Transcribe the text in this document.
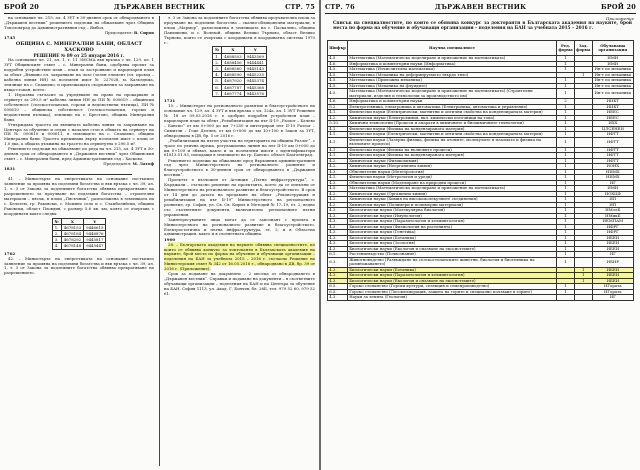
БРОЙ 20	ДЪРЖАВЕН ВЕСТНИК	СТР. 75

на основание чл. 215, ал. 4 ЗУТ в 30-дневен срок от обнародването в „Държавен вестник“ решението подлежи на обжалване чрез Община Тополовград до Административния съд – Ямбол.

Председател: В. Сиров

1745

ОБЩИНА С. МИНЕРАЛНИ БАНИ, ОБЛАСТ ХАСКОВО

РЕШЕНИЕ № 89 от 25 януари 2016 г.

На основание чл. 21, ал. 1, т. 11 ЗМСМА във връзка с чл. 129, ал. 1 ЗУТ Общинският съвет – с. Минерални бани, одобрява проект за подробен устройствен план – план за застрояване и парцеларен план за обект „Външно ел. захранване на лозе (зелен елемент (ел. провод – кабелна линия НН) за поземлен имот № 227028, м. Казълдъма, землище на с. Спахиево, и прилежащата съоръжения за захранване на къща-стопан, което:

1. Изразява съгласие за учредяване на право на прокарване и сервитут за 290,5 м² кабелна линия НН до ПИ № 000619 – общински собственост (селскостопански, горски и ведомствени пътища), ПИ № 000610 – общинска собственост (селскостопански, горски и ведомствени пътища), землище на с. Брестово, община Минерални бани.

Утвърждава трасето на външната кабелна линия за захранване на Центъра за обучение и отдих с начален стоп в обхвата на сервитут на ПИ № 000610 и 000611, в землището на с. Спахиево, община Минерални бани. Трасето преминава върху поземлен имот с площ от 1,0 дка, а общата дължина на трасето на сервитутна е 290,5 м².

Решението подлежи на обжалване по реда на чл. 215, ал. 4 ЗУТ в 30-дневен срок от обнародването в „Държавен вестник“ чрез Общинския съвет – с. Минерални бани, пред Административния съд – Хасково.

Председател: М. Латоф

1831

41. – Министърът на енергетиката на основание постъпило заявление за промяна на подземни богатства и във връзка с чл. 39, ал. 1, т. 3 от Закона за подземните богатства обявява прекратяване на разрешението за проучване на подземни богатства – строителни материали – пясък, в площ „Пясъчник“, разположена в землищата на с. Белозем, гр. Раковски, с. Момино село и с. Стамболийски, община Раковски, област Пловдив, с размер 5,6 кв. км, която се очертава с координати както следва:

№	X	Y
1.	4678153	9446615
2.	4678184	9446876
3.	4678292	9445817
4.	4678148	9445447

1762

42. – Министърът на енергетиката на основание постъпило заявление за промяна на подземни богатства и във връзка с чл. 39, ал. 1, т. 3 от Закона за подземните богатства обявява прекратяване на разрешението.

т. 3 от Закона за подземните богатства обявява проучвателна площ за проучване на подземни богатства – скално-облицовъчни материали, в площ „Мармор“, разположена в землищата на с. Паскалево, община Павликени, и с. Волевой, община Велико Търново, област Велико Търново, която се очертава с координати в координатна система 1970 г.:

№	X	Y
1.	4688503	9443569
2.	4688456	9444441
3.	4688560	9445143
4.	4688590	9445235
5.	4687920	9445374
6.	4687787	9445368
7.	4687774	9443576

1731

15. – Министърът на регионалното развитие и благоустройството на основание чл. 129, ал. 4 ЗУТ и във връзка с чл. 124а, ал. 1 ЗУТ Решение № 18 от 09.03.2016 г. е одобрил подробен устройствен план – парцеларен план за обект „Рехабилитация на път ІІ-19 „Разлог – Бачево – Банско“ от км 0+000 до км 7+250 и интегриран път ІІ-19 Разлог – Симитли – Гоце Делчев, от км 0+000 до км 10+100 в Закон за ЗУТ, обнародвана в ДВ, бр. 5 от 2016 г.

„Реабилитация на пътен участък на територията на община Разлог“, с трасе по улична мрежа, регулационна линия на път ІІ-19 км 0+000 до км 0+100 и обхват, както и за поземлени имоти с идентификатори 61813.51.93, попадащи в землището на гр. Банско, област Благоевград.

Решението подлежи на обжалване пред Върховния административен съд чрез Министерството на регионалното развитие и благоустройството в 30-дневен срок от обнародването в „Държавен вестник“.

Проектът е възложен от Агенция „Пътна инфраструктура“, с. Кърджали – съгласно решение на проектанта, което да се изпълни от Министерството на регионалното развитие и благоустройството. В срок от 14 дни до датата на предаване на обект „Реконструкция и рехабилитация на път ІІ-19“ Министерството на регионалното развитие, гр. София, ул. Св. Св. Кирил и Методий № 17–19, ет. 2, ведно със съответните документи, включително регионалните пътни управления.

Заинтересуваните лица могат да се запознаят с проекта в Министерството на регионалното развитие и благоустройството, Електростатична и пътна инфраструктура, ет. 2, и в Областна администрация, както и в съответната община.

1900

28. – Българската академия на науките обявява специалностите, по които се обявява конкурс за докторанти в Българската академия на науките, брой места по форма на обучение и обучаващи организации – поделения на БАН за учебната 2015 – 2016 г. съгласно Решение на Министерския съвет № 342 от 16.05.2016 г., обнародвано в ДВ, бр. 39 от 2016 г. (Приложение).

Срок за подаване на документи – 2 месеца от обнародването в „Държавен вестник“. Справки и подаване на документи – в съответните обучаващи организации – поделения на БАН и на Центъра за обучение на БАН, София 1113, ул. Акад. Г. Бончев, бл. 26Б, тел. 979 52 60, 979 52 61.

СТР. 76	ДЪРЖАВЕН ВЕСТНИК	БРОЙ 20
Приложение
Списък на специалностите, по които се обявява конкурс за докторанти в Българската академия на науките, брой места по форма на обучение и обучаващи организации – поделения на БАН за учебната 2015 – 2016 г.
Шифър	Научна специалност	Ред. форма	Зад. форма	Обучаваща организация
4.5.	Математика (Математическо моделиране и приложение на математиката)	1		ИМИ
4.6.	Информатика и компютърни науки (Информатика)	1		ИМИ
4.5.	Математика (Изчислителна математика)	1		Ин-т по механика
4.5.	Математика (Механика на деформируемото твърдо тяло)		1	Ин-т по механика
4.5.	Математика (Приложна механика)	1		Ин-т по механика
4.5.	Математика (Механика на флуидите)	1		Ин-т по механика
4.5.	Математика (Математическо моделиране и приложение на математиката) (Строителни материали, изделия и технологии за производството им)	1		Ин-т по механика
4.6.	Информатика и компютърни науки	2		ИИКТ
5.2.	Електротехника, електроника и автоматика (Електроника, автоматика и управление)	1		ИИКТ
4.1.	Физически науки (Електрически, магнитни и оптични свойства на кондензираната материя)	1		ИЕЕС
4.2.	Химически науки (Електрохимия, вкл. химически източници на тока)	1		ИЕЕС
5.10.	Химични технологии (Процеси и апарати в химичните и биохимичните технологии)	1		ИХХ
4.1.	Физически науки (Физика на кондензираната материя)	1		ЦЛСЕНЕИ
4.1.	Физически науки (Електрически, магнитни и оптични свойства на кондензираната материя)	1		ИФТТ
4.1.	Физически науки (Лазерна физика, физика на атомите, молекулите и плазмата и физика на вълновите процеси)	1		ИФТТ
4.1.	Физически науки (Физика на вълновите процеси)	1		ИФТТ
4.1.	Физически науки (Физика на кондензираната материя)	1		ИФТТ
4.2.	Химически науки (Физикохимия)	1		ИФТТ
4.2.	Химически науки (Неорганична химия)	1		ИОНХ
4.3.	Обяснителни науки (Метеорология)	1		НИМХ
4.1.	Физически науки (Метрология и уреди)	1		НИМХ
4.3.	Обяснителни науки (Моделиране на природни процеси)	1		ИГ
4.5.	Математика (Математическо моделиране и приложение на математиката)	1		ИМИ
4.2.	Химически науки (Органична химия)	1		ИОХЦФ
4.2.	Химически науки (Химия на високомолекулните съединения)	1		ИП
4.2.	Химически науки (Полимери и полимерни материали)	1		ИП
4.3.	Биологически науки (Молекулярна биология)	1		ИМолБ
4.3.	Биологически науки (Имунология)	1		ИМикБ
4.3.	Биологически науки (Паразитология и хелминтология)	1		ИЕМПАМ
4.3.	Биологически науки (Физиология на растенията)	1		ИФРГ
4.3.	Биологически науки (Генетика)	1		ИФРГ
4.3.	Биологически науки (Ботаника)	1		ИБЕИ
4.3.	Биологически науки (Зоология)	1		ИБЕИ
4.3.	Биологически науки (Екология и опазване на екосистемите)	1		ИБЕИ
6.1.	Растениевъдство (Почвознание)	1		ИГ
6.3.	Животновъдство (Развъждане на селскостопанските животни, биология и биотехника на размножаването)	1		ИБИР
4.3.	Биологически науки (Ботаника)		1	ИБЕИ
4.3.	Биологически науки (Паразитология и хелминтология)		1	ИБЕИ
4.3.	Биологически науки (Екология и опазване на екосистемите)		1	ИБЕИ
6.5.	Горско стопанство (Горски култури, селекция и семепроизводство)	1		ИГората
6.5.	Горско стопанство (Лесомелиорация, защита на горите и специално ползване в горите)	1		ИГората
4.3.	Науки за земята (Геология)			ИГ
